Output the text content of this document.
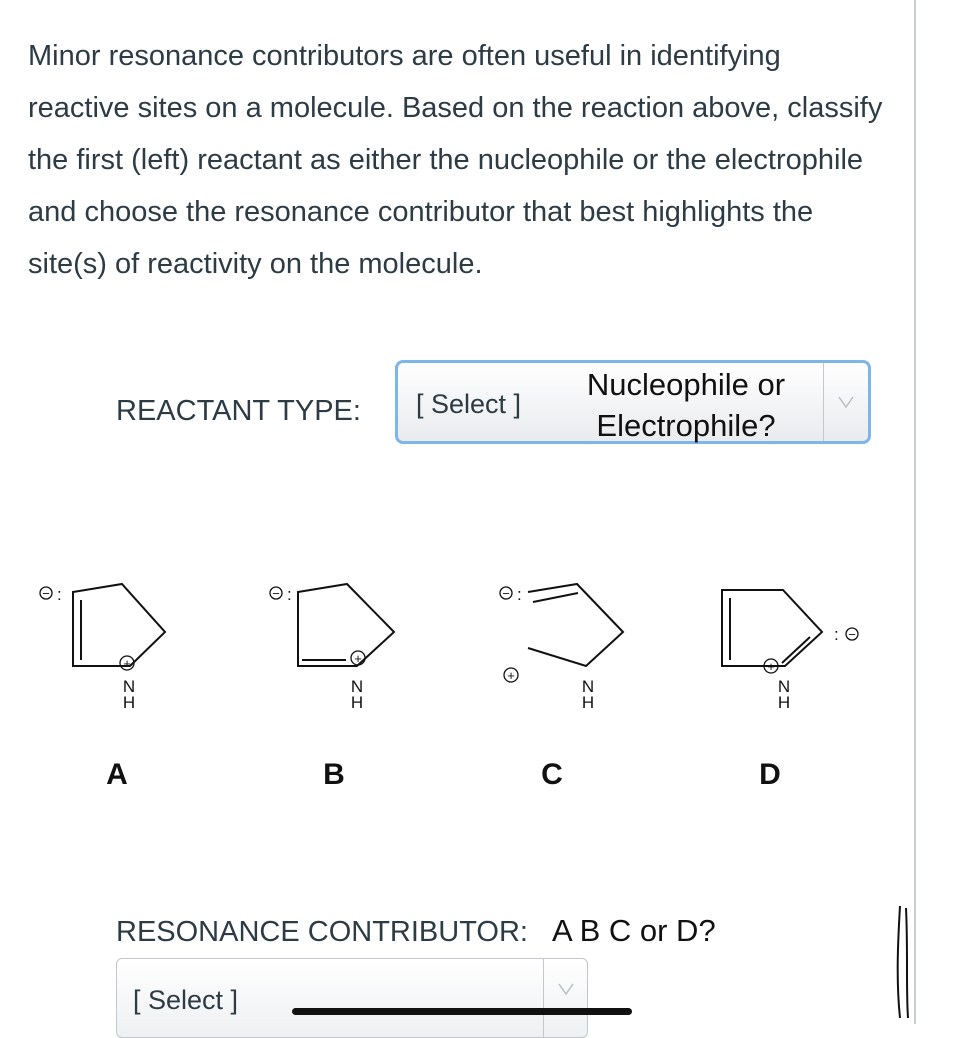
Minor resonance contributors are often useful in identifying reactive sites on a molecule. Based on the reaction above, classify the first (left) reactant as either the nucleophile or the electrophile and choose the resonance contributor that best highlights the site(s) of reactivity on the molecule.

REACTANT TYPE: [ Select ]
Nucleophile or
Electrophile?
+	+
+
+
−	−	−
−
:	:	:
:
N
H
N
H
N
H
N
H
A	B	C	D
RESONANCE CONTRIBUTOR: A B C or D?
[ Select ]
